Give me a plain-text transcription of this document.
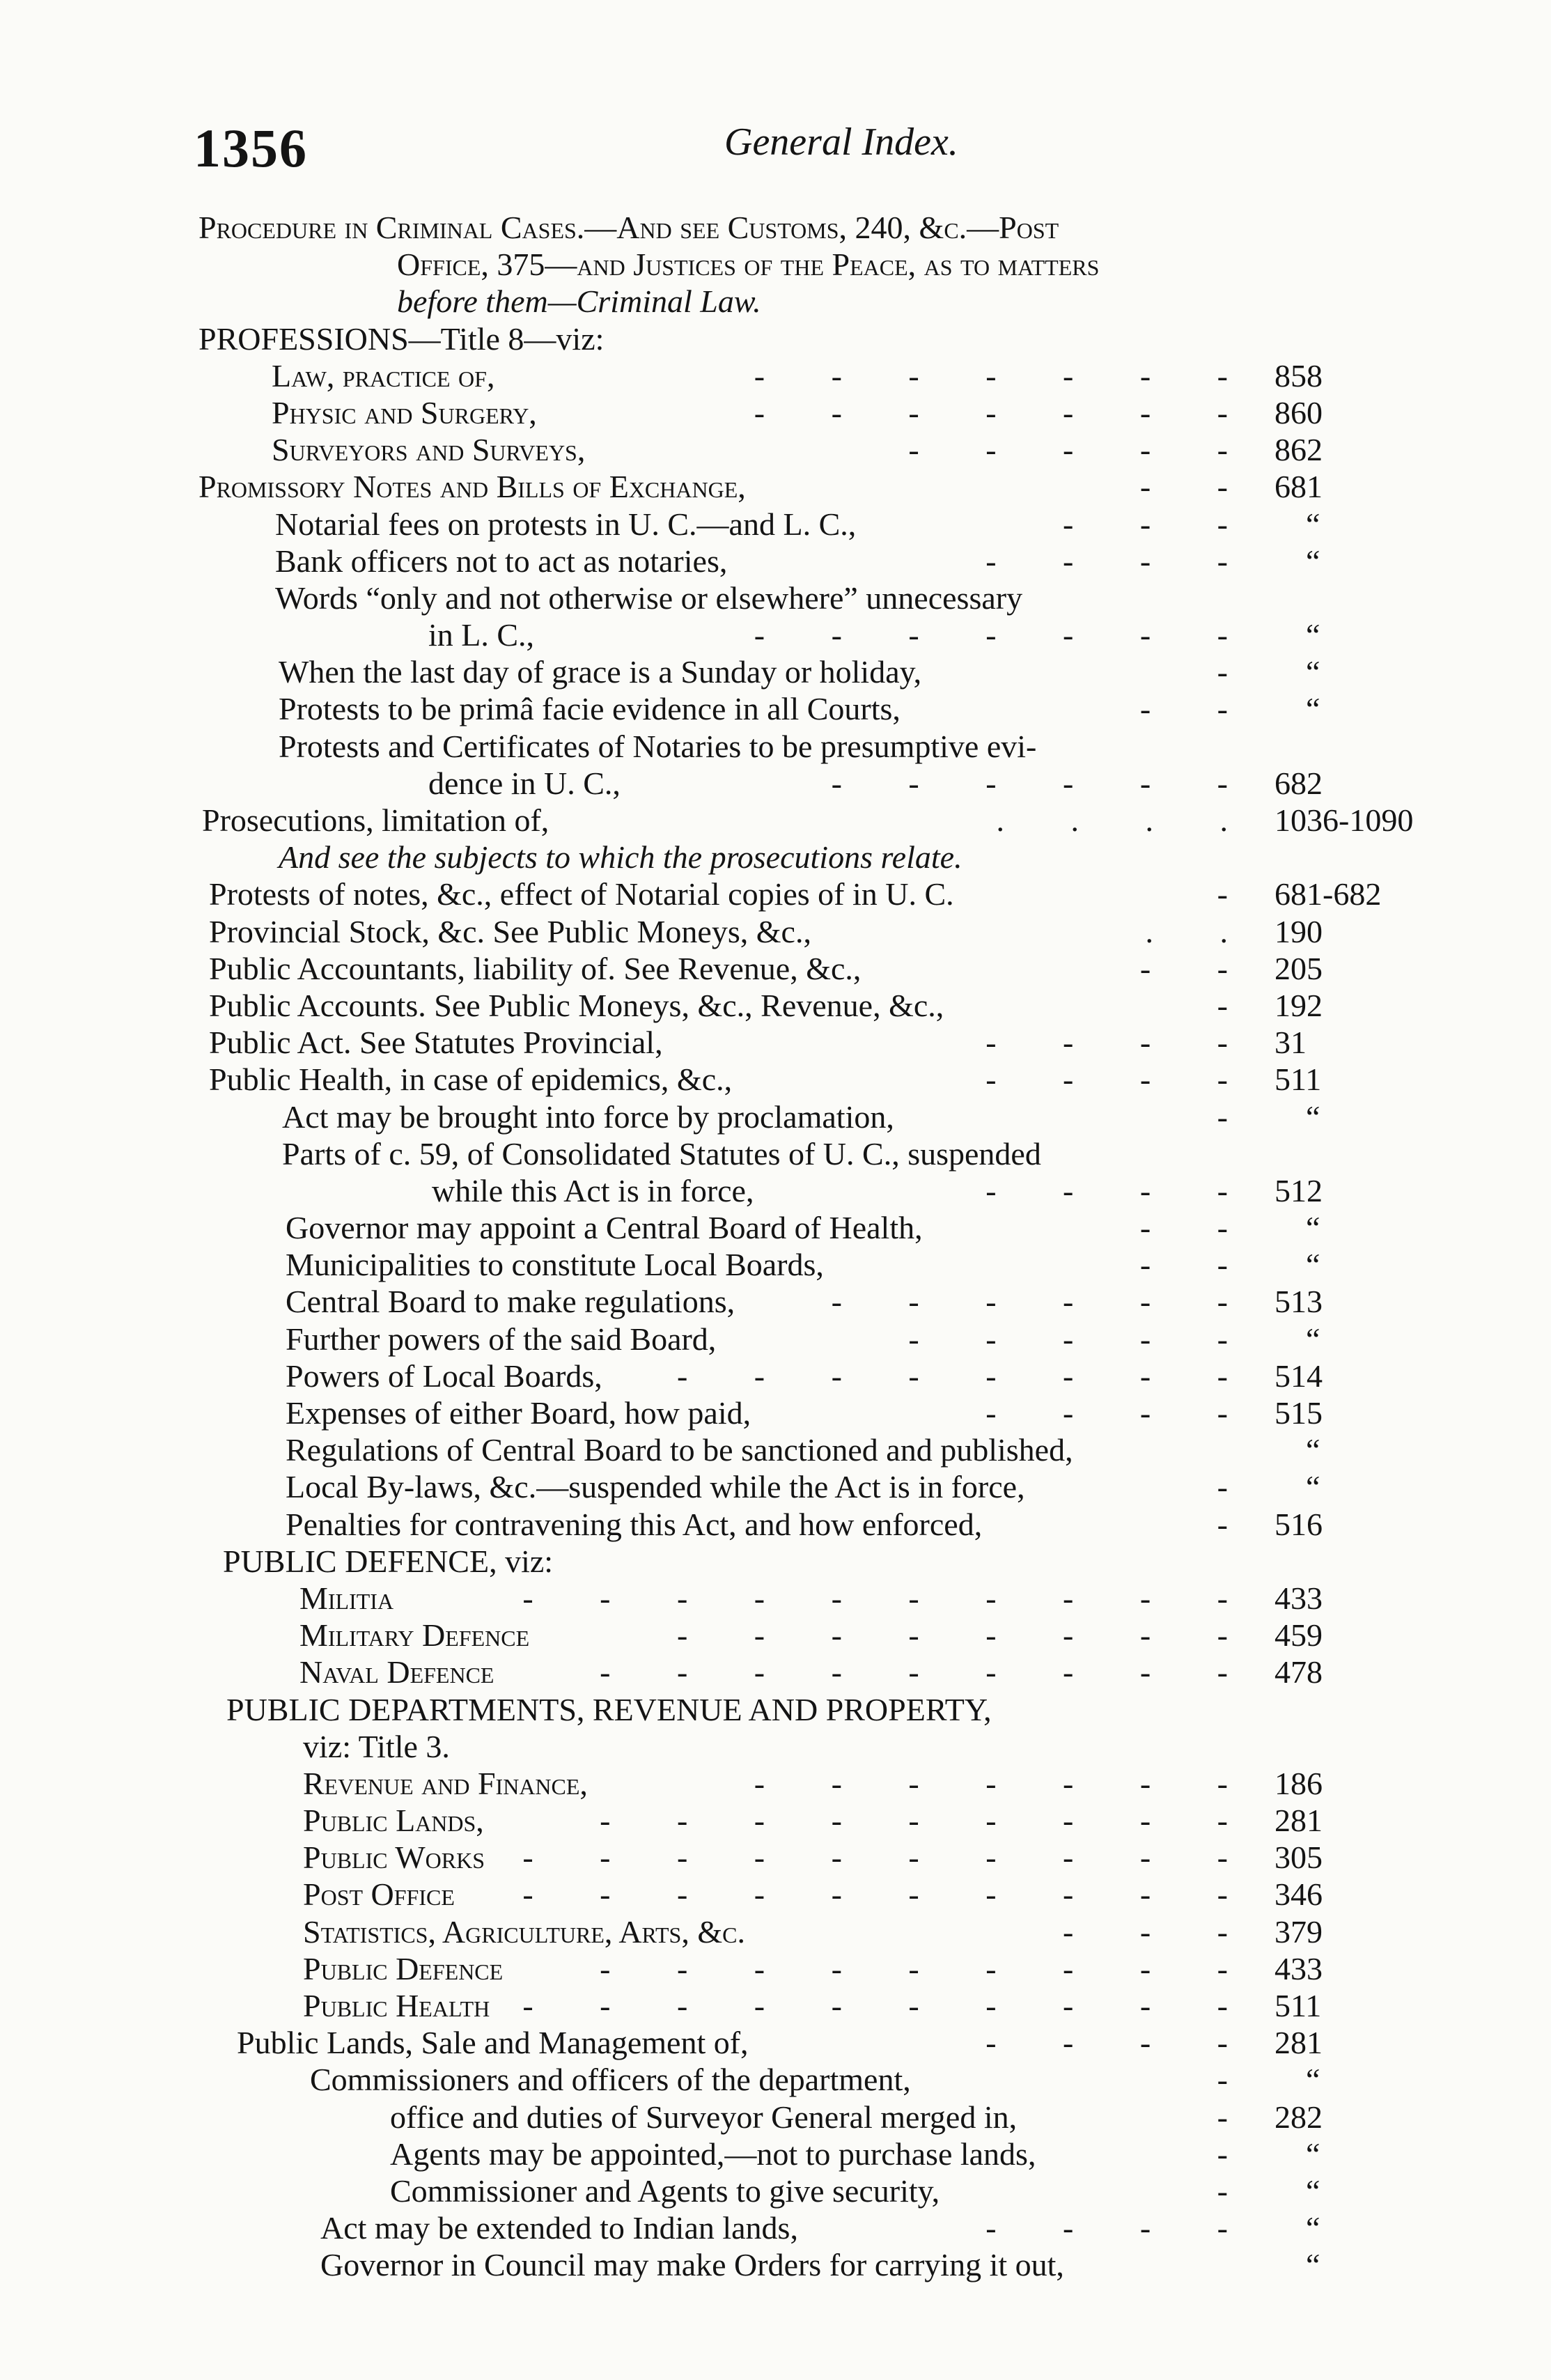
1356	General Index.
Procedure in Criminal Cases.—And see Customs, 240, &c.—Post
Office, 375—and Justices of the Peace, as to matters
before them—Criminal Law.
PROFESSIONS—Title 8—viz:
Law, practice of,	- - - - - - - 858
Physic and Surgery,	- - - - - - - 860
Surveyors and Surveys,	- - - - - 862
Promissory Notes and Bills of Exchange,	- - 681
Notarial fees on protests in U. C.—and L. C.,	- - - “
Bank officers not to act as notaries,	- - - - “
Words “only and not otherwise or elsewhere” unnecessary
in L. C.,	- - - - - - - “
When the last day of grace is a Sunday or holiday,	- “
Protests to be primâ facie evidence in all Courts,	- - “
Protests and Certificates of Notaries to be presumptive evi-
dence in U. C.,	- - - - - - 682
Prosecutions, limitation of,	. . . . 1036-1090
And see the subjects to which the prosecutions relate.
Protests of notes, &c., effect of Notarial copies of in U. C.	- 681-682
Provincial Stock, &c. See Public Moneys, &c.,	. . 190
Public Accountants, liability of. See Revenue, &c.,	- - 205
Public Accounts. See Public Moneys, &c., Revenue, &c.,	- 192
Public Act. See Statutes Provincial,	- - - - 31
Public Health, in case of epidemics, &c.,	- - - - 511
Act may be brought into force by proclamation,	- “
Parts of c. 59, of Consolidated Statutes of U. C., suspended
while this Act is in force,	- - - - 512
Governor may appoint a Central Board of Health,	- - “
Municipalities to constitute Local Boards,	- - “
Central Board to make regulations,	- - - - - - 513
Further powers of the said Board,	- - - - - “
Powers of Local Boards, - - - - - - - - 514
Expenses of either Board, how paid,	- - - - 515
Regulations of Central Board to be sanctioned and published,	“
Local By-laws, &c.—suspended while the Act is in force,	- “
Penalties for contravening this Act, and how enforced,	- 516
PUBLIC DEFENCE, viz:
Militia	- - - - - - - - - - 433
Military Defence	- - - - - - - - 459
Naval Defence	- - - - - - - - - 478
PUBLIC DEPARTMENTS, REVENUE AND PROPERTY,
viz: Title 3.
Revenue and Finance,	- - - - - - - 186
Public Lands,	- - - - - - - - - 281
Public Works - - - - - - - - - - 305
Post Office - - - - - - - - - - 346
Statistics, Agriculture, Arts, &c.	- - - 379
Public Defence	- - - - - - - - - 433
Public Health - - - - - - - - - - 511
Public Lands, Sale and Management of,	- - - - 281
Commissioners and officers of the department,	- “
office and duties of Surveyor General merged in,	- 282
Agents may be appointed,—not to purchase lands,	- “
Commissioner and Agents to give security,	- “
Act may be extended to Indian lands,	- - - - “
Governor in Council may make Orders for carrying it out,	“
